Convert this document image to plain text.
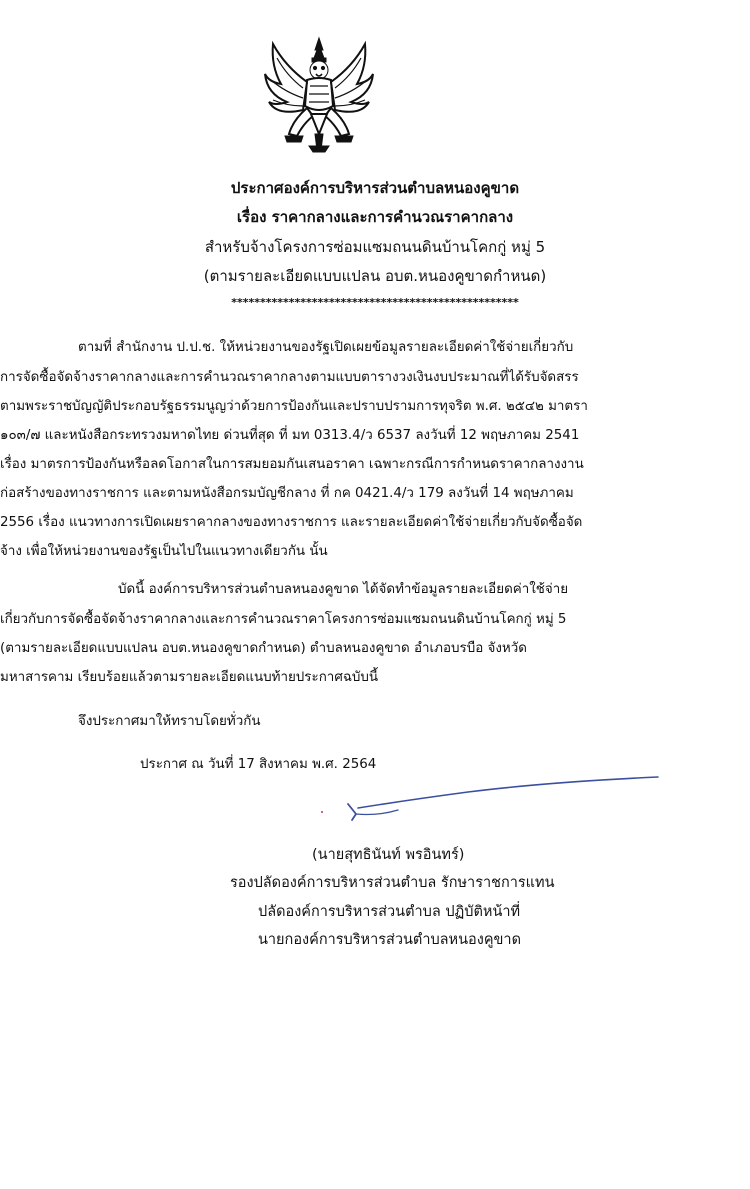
ประกาศองค์การบริหารส่วนตำบลหนองคูขาด
เรื่อง ราคากลางและการคำนวณราคากลาง
สำหรับจ้างโครงการซ่อมแซมถนนดินบ้านโคกกู่ หมู่ 5
(ตามรายละเอียดแบบแปลน อบต.หนองคูขาดกำหนด)
**************************************************
ตามที่ สำนักงาน ป.ป.ช. ให้หน่วยงานของรัฐเปิดเผยข้อมูลรายละเอียดค่าใช้จ่ายเกี่ยวกับ
การจัดซื้อจัดจ้างราคากลางและการคำนวณราคากลางตามแบบตารางวงเงินงบประมาณที่ได้รับจัดสรร
ตามพระราชบัญญัติประกอบรัฐธรรมนูญว่าด้วยการป้องกันและปราบปรามการทุจริต พ.ศ. ๒๕๔๒ มาตรา
๑๐๓/๗ และหนังสือกระทรวงมหาดไทย ด่วนที่สุด ที่ มท 0313.4/ว 6537 ลงวันที่ 12 พฤษภาคม 2541
เรื่อง มาตรการป้องกันหรือลดโอกาสในการสมยอมกันเสนอราคา เฉพาะกรณีการกำหนดราคากลางงาน
ก่อสร้างของทางราชการ และตามหนังสือกรมบัญชีกลาง ที่ กค 0421.4/ว 179 ลงวันที่ 14 พฤษภาคม
2556 เรื่อง แนวทางการเปิดเผยราคากลางของทางราชการ และรายละเอียดค่าใช้จ่ายเกี่ยวกับจัดซื้อจัด
จ้าง เพื่อให้หน่วยงานของรัฐเป็นไปในแนวทางเดียวกัน นั้น
บัดนี้ องค์การบริหารส่วนตำบลหนองคูขาด ได้จัดทำข้อมูลรายละเอียดค่าใช้จ่าย
เกี่ยวกับการจัดซื้อจัดจ้างราคากลางและการคำนวณราคาโครงการซ่อมแซมถนนดินบ้านโคกกู่ หมู่ 5
(ตามรายละเอียดแบบแปลน อบต.หนองคูขาดกำหนด) ตำบลหนองคูขาด อำเภอบรบือ จังหวัด
มหาสารคาม เรียบร้อยแล้วตามรายละเอียดแนบท้ายประกาศฉบับนี้
จึงประกาศมาให้ทราบโดยทั่วกัน
ประกาศ ณ วันที่ 17 สิงหาคม พ.ศ. 2564
(นายสุทธินันท์ พรอินทร์)
รองปลัดองค์การบริหารส่วนตำบล รักษาราชการแทน
ปลัดองค์การบริหารส่วนตำบล ปฏิบัติหน้าที่
นายกองค์การบริหารส่วนตำบลหนองคูขาด
